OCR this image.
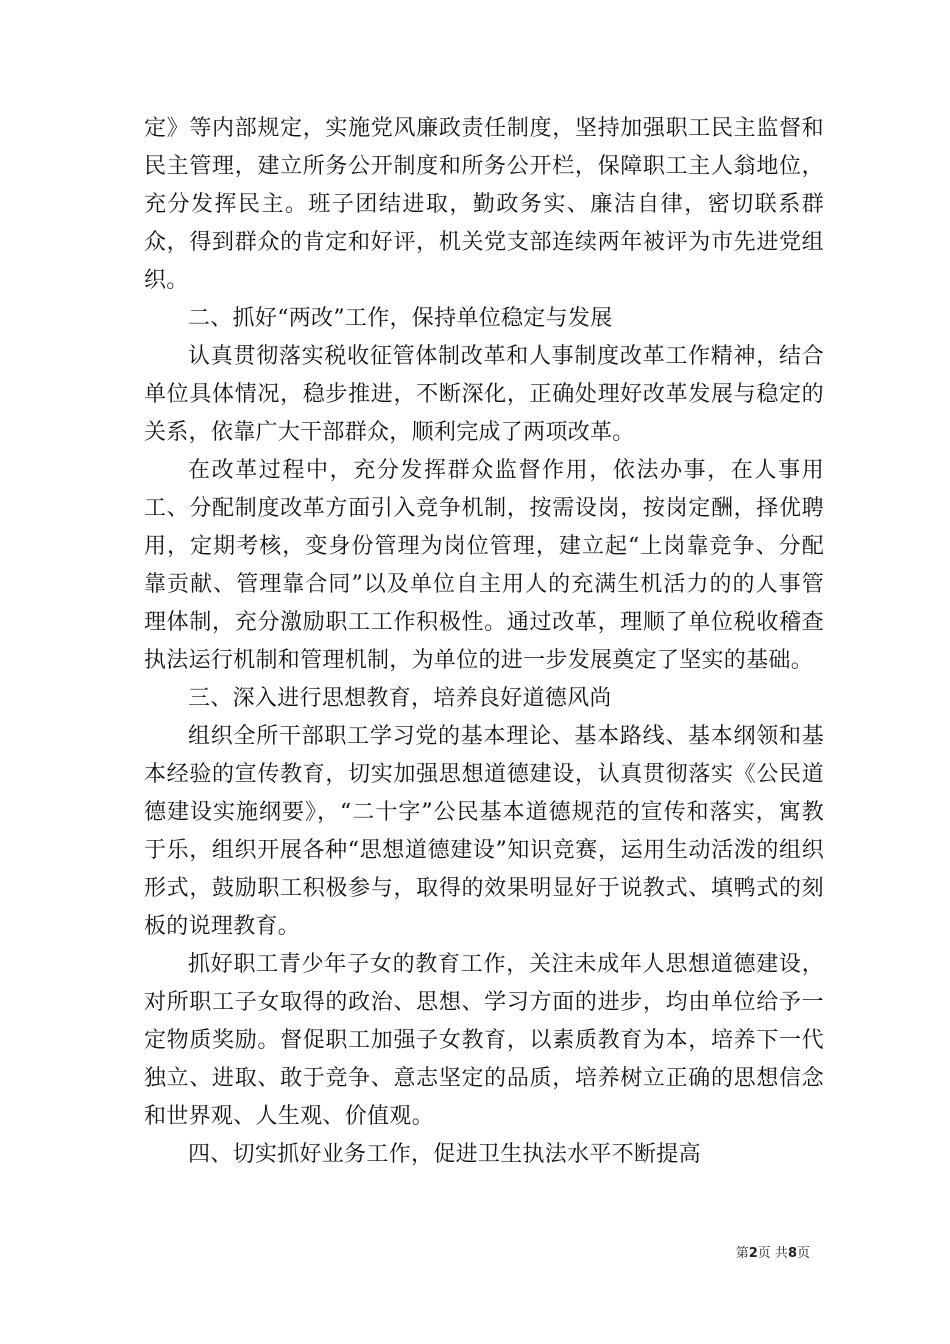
定》等内部规定，实施党风廉政责任制度，坚持加强职工民主监督和民主管理，建立所务公开制度和所务公开栏，保障职工主人翁地位，充分发挥民主。班子团结进取，勤政务实、廉洁自律，密切联系群众，得到群众的肯定和好评，机关党支部连续两年被评为市先进党组织。

二、抓好“两改”工作，保持单位稳定与发展

认真贯彻落实税收征管体制改革和人事制度改革工作精神，结合单位具体情况，稳步推进，不断深化，正确处理好改革发展与稳定的关系，依靠广大干部群众，顺利完成了两项改革。

在改革过程中，充分发挥群众监督作用，依法办事，在人事用工、分配制度改革方面引入竞争机制，按需设岗，按岗定酬，择优聘用，定期考核，变身份管理为岗位管理，建立起“上岗靠竞争、分配靠贡献、管理靠合同”以及单位自主用人的充满生机活力的的人事管理体制，充分激励职工工作积极性。通过改革，理顺了单位税收稽查执法运行机制和管理机制，为单位的进一步发展奠定了坚实的基础。

三、深入进行思想教育，培养良好道德风尚

组织全所干部职工学习党的基本理论、基本路线、基本纲领和基本经验的宣传教育，切实加强思想道德建设，认真贯彻落实《公民道德建设实施纲要》，“二十字”公民基本道德规范的宣传和落实，寓教于乐，组织开展各种“思想道德建设”知识竞赛，运用生动活泼的组织形式，鼓励职工积极参与，取得的效果明显好于说教式、填鸭式的刻板的说理教育。

抓好职工青少年子女的教育工作，关注未成年人思想道德建设，对所职工子女取得的政治、思想、学习方面的进步，均由单位给予一定物质奖励。督促职工加强子女教育，以素质教育为本，培养下一代独立、进取、敢于竞争、意志坚定的品质，培养树立正确的思想信念和世界观、人生观、价值观。

四、切实抓好业务工作，促进卫生执法水平不断提高

第2页 共8页
